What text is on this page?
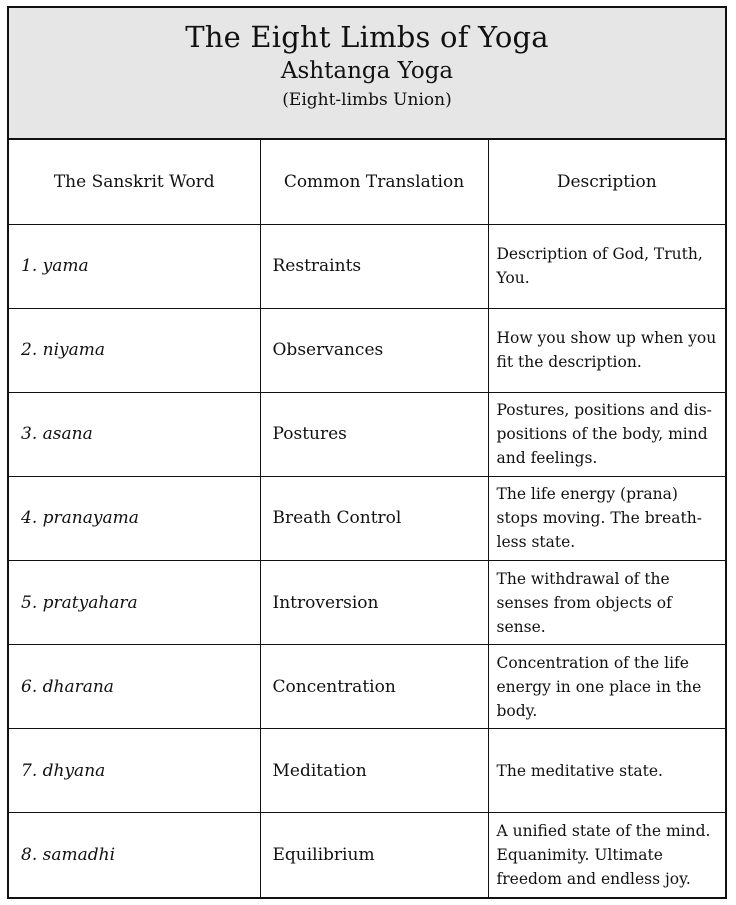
The Eight Limbs of Yoga
Ashtanga Yoga
(Eight-limbs Union)
The Sanskrit Word	Common Translation	Description
1. yama	Restraints	Description of God, Truth, You.
2. niyama	Observances	How you show up when you fit the description.
3. asana	Postures	Postures, positions and dis-positions of the body, mind and feelings.
4. pranayama	Breath Control	The life energy (prana) stops moving. The breath-less state.
5. pratyahara	Introversion	The withdrawal of the senses from objects of sense.
6. dharana	Concentration	Concentration of the life energy in one place in the body.
7. dhyana	Meditation	The meditative state.
8. samadhi	Equilibrium	A unified state of the mind. Equanimity. Ultimate freedom and endless joy.
